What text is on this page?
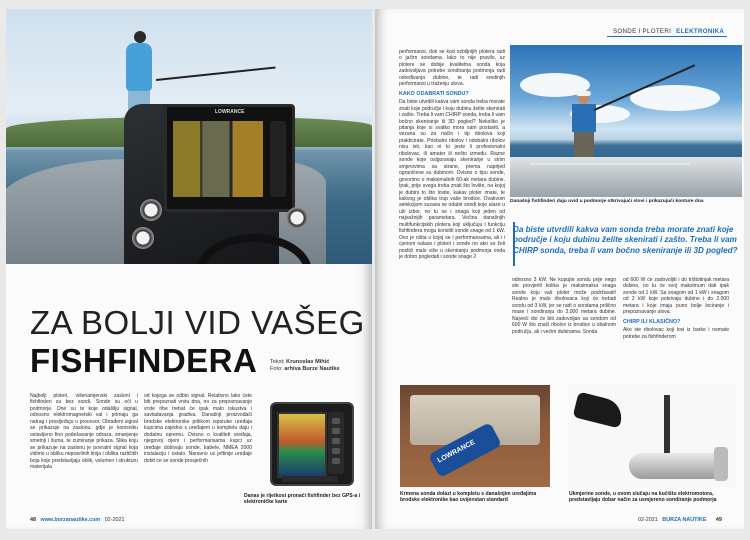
LOWRANCE
ZA BOLJI VID VAŠEG
FISHFINDERA Tekst: Krunoslav Mihić
Foto: arhiva Burze Nautike

Najbolji ploteri, višenamjenski zaslonI i fishfinderi su bez sondi. Sonde su oči u podmorje. One su te koje odašilju signal, odnosno elektromagnetski val i primaju ga natrag i prosljeđuju u procesor. Obrađeni signal se prikazuje na zaslonu, gdje je konisniku ostavljeno fino podešavanje odraza, smanjenje smetnji i šuma, te zumiranje prikaza. Slika koju se prikazuje na zaslonu je povratni signal koja vidimo u obliku nepravilnih linija i oblika različitih boja koje predstavljaju oblik, volumen i strukturu materijala

od kojega se odbio signal. Relativno lako ćete biti prepoznati vrstu dna, no za prepoznavanje vrste ribe trebat će ipak malo iskustva i savladavanja gradiva. Današnji proizvođači brodske elektronike prilikom isporuke uređaja kupcima zajedno s uređajem u kompletu daju i dodatnu opremu. Ovisno o kvaliteti uređaja, njegovoj cijeni i performansama kupci uz uređaje dobivaju sonde, kabele, NMEA 2000 instalaciju i ostalo. Naravno uz jeftinije uređaje dobit će se sonde prosječnih

Danas je rijetkost pronaći fishfinder bez GPS-a i elektroničke karte
48 www.burzanautike.com 02-2021
SONDE I PLOTERI ELEKTRONIKA

performansi, dok se kod ozbiljnijih plotera radi o jačim sondama. Iako to nije pravilo, uz plotere se dobije kvalitetna sonda koja zadovoljava potrebe sondiranja podmorja radi određivanja dubine, te radi sredinjih performansi u traženju ulova.

KAKO ODABRATI SONDU?

Da biste utvrdili kakva vam sonda treba morate znati koje područje i koju dubinu želite skenirati i zašto. Treba li vam CHIRP sonda, treba li vam bočno skeniranje ili 3D pogled? Nekoliko je pitanja koje si svatko mora sam postaviti, a vezana su za način i tip ribolova koji prakticirate. Priobalni ribolov i odobalni ribolov nisu isti, kao ni to jeste li profesionalni ribolovac, ili amater ili nešto između. Razne sonde koje osiguravaju skeniranje u sirim smjerovima sa strane, prema naprijed ograničene su dubinom. Ovisno o tipu sonde, govorimo o maksimalnih 60-ak metara dubine. Ipak, prije svega treba znati što loviite, na kojoj je dubini to što lovite, kakav ploter imate, te kakvog je oblika trup vaše brodice. Ovakvom selekcijom suzava se odabir sondi koje ulaze u uži izbor, no tu se i snaga koji jeden od najvažnijih parametara. Većina današnjih multifunkcijskih plotera koji uključuju i funkciju fishfindera mogu koristiti sonde snage od 1 kW. Ovo je ništa u kojoj se i performansama, ali i i cjenom nalaze i ploteri i sonde no ako se želi postići malo više u skeniranju podmorja onda je dobro pogledati i sonde snage 2

Današnji fishfinderi daju uvid u podmorje otkrivajući slovi i prikazujući konture dna
Da biste utvrdili kakva vam sonda treba morate znati koje područje i koju dubinu želite skenirati i zašto. Treba li vam CHIRP sonda, treba li vam bočno skeniranje ili 3D pogled?

odnosno 3 kW. Ne kupujte sondu prije nego ste provjerili kolika je maksimalna snaga sonde koju vaš ploter može podržavati! Realno je malo ribolovaca koji će trebati sondu od 3 kW, jer se radi o sondama prilično mase i sondiranju do 3.000 metara dubine. Najveći dio će biti zadovoljan sa sondom od 600 W što znači ribolov iz brodice u obalnom području, ali i većim dubinama. Sonda

od 600 W će zadovoljiti i do trištotinjak metara dubine, no tu će svoj maksimum dati ipak sonde od 1 kW. Sa snagom od 1 kW i snagom od 2 kW koje pokrivaju dubine i do 2.000 metara i koje imaju puno bolje lociranje i prepoznavanje ulova.

CHIRP ILI KLASIČNO?

Ako ste ribolovac koji lovi iz barke i nemate potrebe za fishfinderom

LOWRANCE
Krmena sonda dolazi u kompletu s današnjim uređajima brodske elektronike kao uvijenstan standard
Ukmjerine sonde, u ovom slučaju na kućištu elektromotora, predstavljaju dobar način za usmjereno sondiranje podmorja
02-2021 BURZA NAUTIKE 49
